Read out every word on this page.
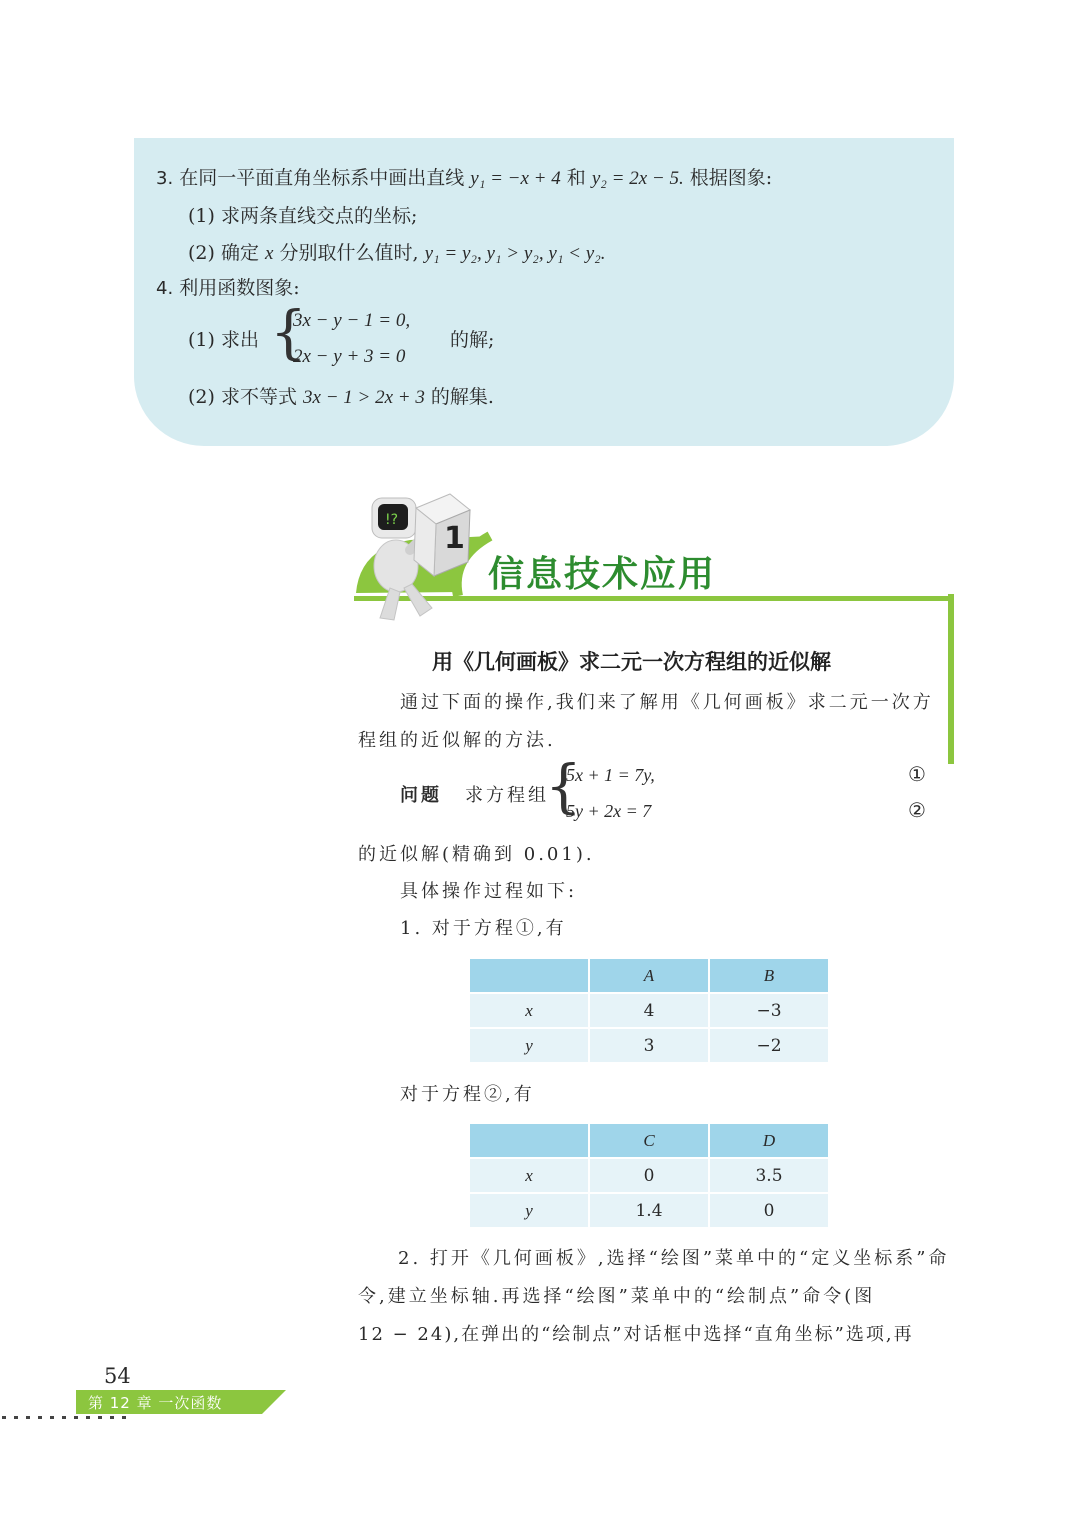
3. 在同一平面直角坐标系中画出直线 y₁ = −x + 4 和 y₂ = 2x − 5. 根据图象:
(1) 求两条直线交点的坐标;
(2) 确定 x 分别取什么值时, y₁ = y₂, y₁ > y₂, y₁ < y₂.
4. 利用函数图象:
(1) 求出 {
3x − y − 1 = 0,
2x − y + 3 = 0
的解;
(2) 求不等式 3x − 1 > 2x + 3 的解集.
!?
1
信息技术应用
用《几何画板》求二元一次方程组的近似解
通过下面的操作,我们来了解用《几何画板》求二元一次方
程组的近似解的方法.
问题 求方程组
{
5x + 1 = 7y,
5y + 2x = 7
①
②
的近似解(精确到 0.01).
具体操作过程如下:
1. 对于方程①,有
	A	B
x	4	−3
y	3	−2
对于方程②,有
	C	D
x	0	3.5
y	1.4	0
2. 打开《几何画板》,选择“绘图”菜单中的“定义坐标系”命
令,建立坐标轴.再选择“绘图”菜单中的“绘制点”命令(图
12 − 24),在弹出的“绘制点”对话框中选择“直角坐标”选项,再
54
第 12 章 一次函数
